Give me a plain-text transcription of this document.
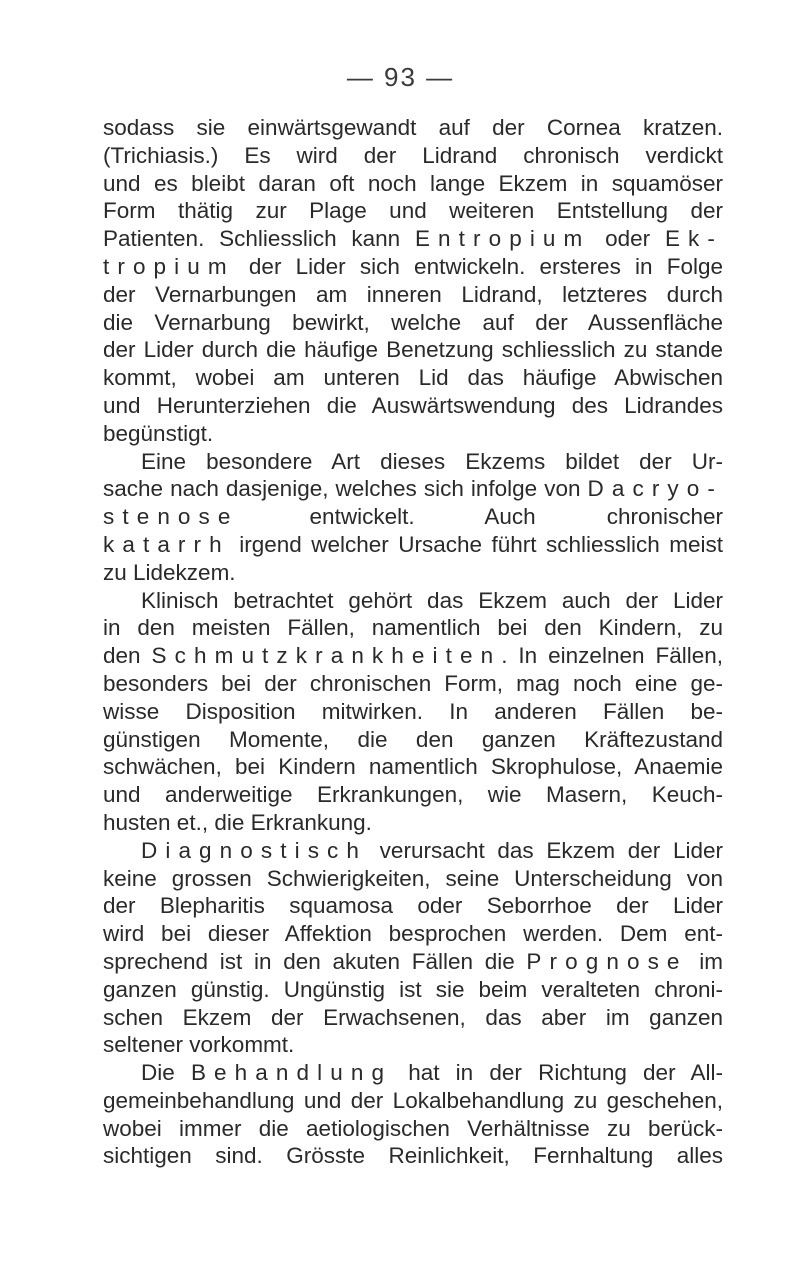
— 93 —
sodass sie einwärtsgewandt auf der Cornea kratzen.
(Trichiasis.) Es wird der Lidrand chronisch verdickt
und es bleibt daran oft noch lange Ekzem in squamöser
Form thätig zur Plage und weiteren Entstellung der
Patienten. Schliesslich kann Entropium oder Ek-
tropium der Lider sich entwickeln. ersteres in Folge
der Vernarbungen am inneren Lidrand, letzteres durch
die Vernarbung bewirkt, welche auf der Aussenfläche
der Lider durch die häufige Benetzung schliesslich zu stande
kommt, wobei am unteren Lid das häufige Abwischen
und Herunterziehen die Auswärtswendung des Lidrandes
begünstigt.
Eine besondere Art dieses Ekzems bildet der Ur-
sache nach dasjenige, welches sich infolge von Dacryo-
stenose entwickelt. Auch chronischer
katarrh irgend welcher Ursache führt schliesslich meist
zu Lidekzem.
Klinisch betrachtet gehört das Ekzem auch der Lider
in den meisten Fällen, namentlich bei den Kindern, zu
den Schmutzkrankheiten. In einzelnen Fällen,
besonders bei der chronischen Form, mag noch eine ge-
wisse Disposition mitwirken. In anderen Fällen be-
günstigen Momente, die den ganzen Kräftezustand
schwächen, bei Kindern namentlich Skrophulose, Anaemie
und anderweitige Erkrankungen, wie Masern, Keuch-
husten et., die Erkrankung.
Diagnostisch verursacht das Ekzem der Lider
keine grossen Schwierigkeiten, seine Unterscheidung von
der Blepharitis squamosa oder Seborrhoe der Lider
wird bei dieser Affektion besprochen werden. Dem ent-
sprechend ist in den akuten Fällen die Prognose im
ganzen günstig. Ungünstig ist sie beim veralteten chroni-
schen Ekzem der Erwachsenen, das aber im ganzen
seltener vorkommt.
Die Behandlung hat in der Richtung der All-
gemeinbehandlung und der Lokalbehandlung zu geschehen,
wobei immer die aetiologischen Verhältnisse zu berück-
sichtigen sind. Grösste Reinlichkeit, Fernhaltung alles
